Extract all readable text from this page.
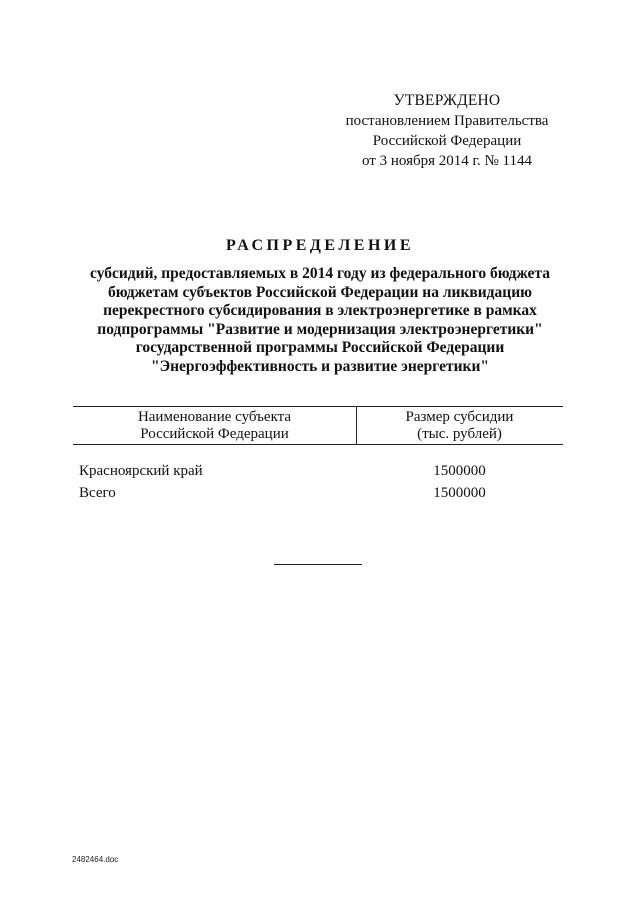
УТВЕРЖДЕНО
постановлением Правительства
Российской Федерации
от 3 ноября 2014 г. № 1144
РАСПРЕДЕЛЕНИЕ
субсидий, предоставляемых в 2014 году из федерального бюджета
бюджетам субъектов Российской Федерации на ликвидацию
перекрестного субсидирования в электроэнергетике в рамках
подпрограммы "Развитие и модернизация электроэнергетики"
государственной программы Российской Федерации
"Энергоэффективность и развитие энергетики"
Наименование субъекта
Российской Федерации
Размер субсидии
(тыс. рублей)
Красноярский край	1500000
Всего	1500000
2482464.doc
